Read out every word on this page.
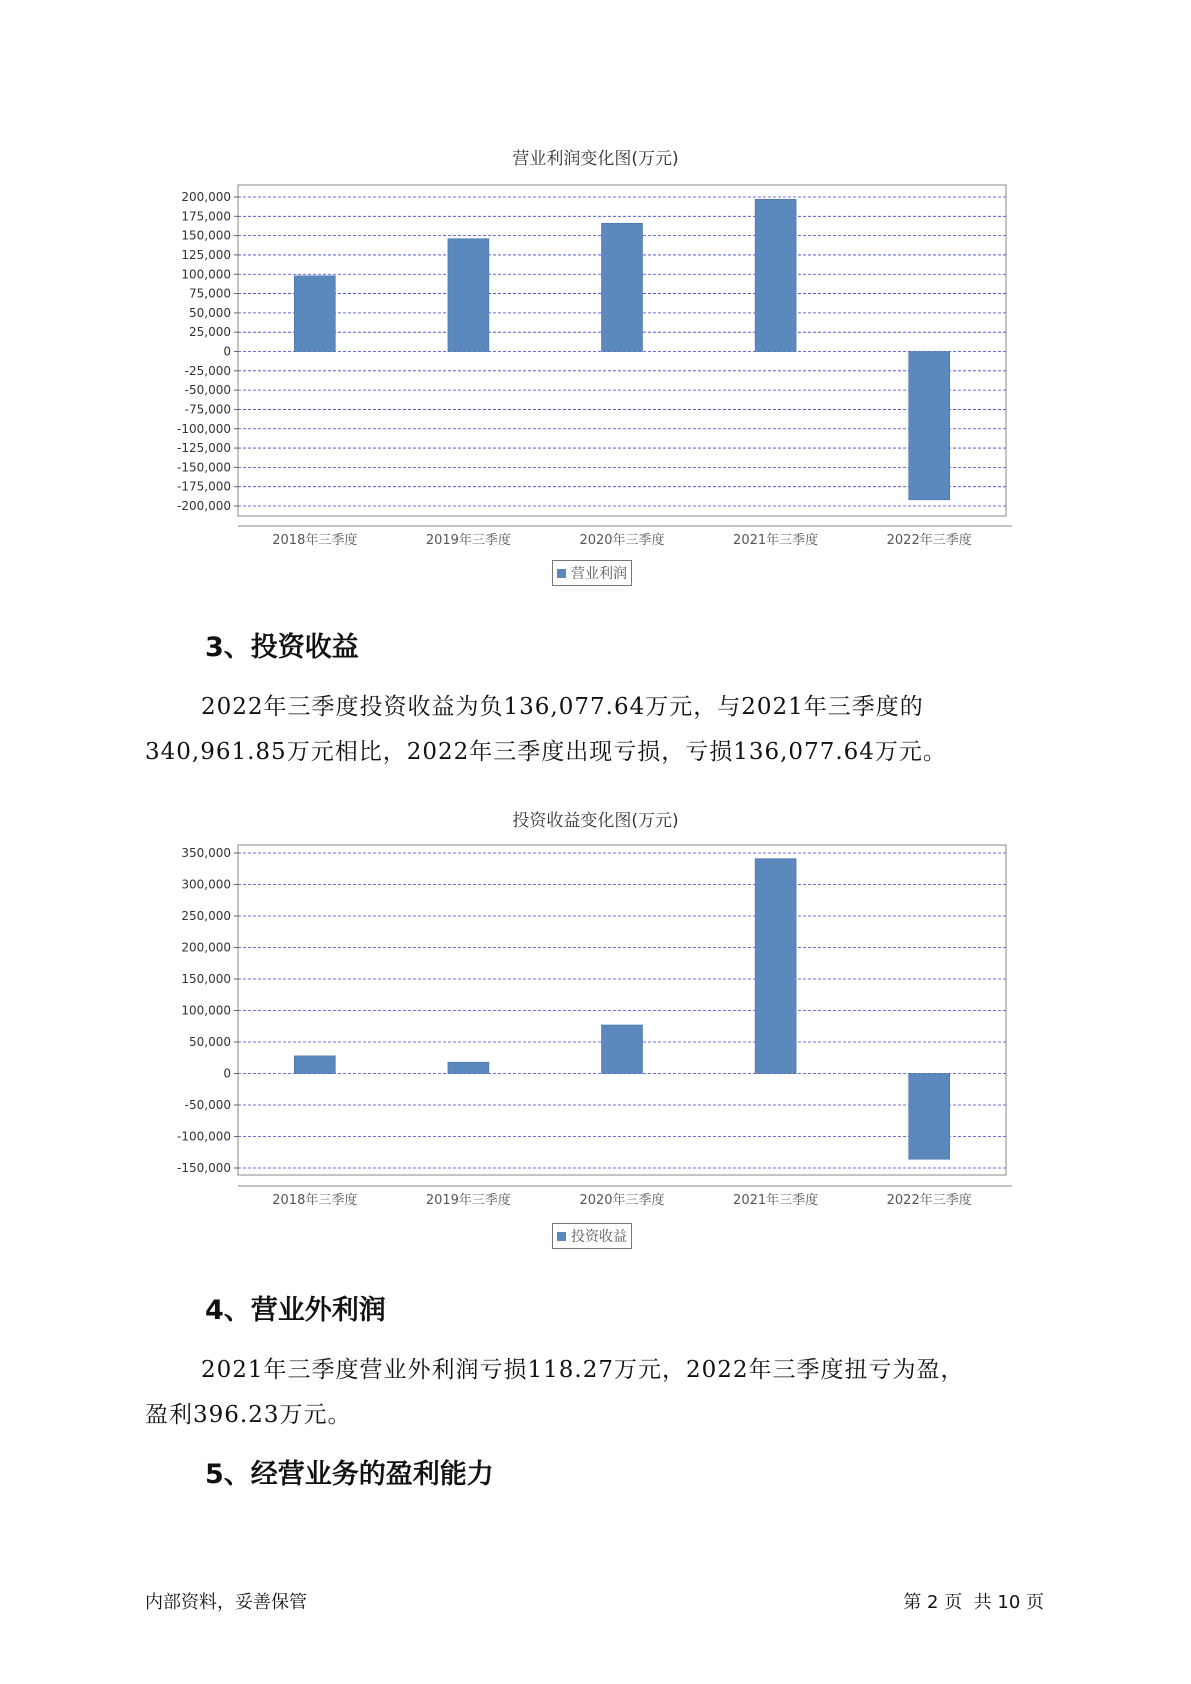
营业利润变化图(万元)
200,000
175,000
150,000
125,000
100,000
75,000
50,000
25,000
0
-25,000
-50,000
-75,000
-100,000
-125,000
-150,000
-175,000
-200,000
2018年三季度	2019年三季度	2020年三季度	2021年三季度	2022年三季度
营业利润
3、投资收益

2022年三季度投资收益为负136,077.64万元，与2021年三季度的
340,961.85万元相比，2022年三季度出现亏损，亏损136,077.64万元。

投资收益变化图(万元)
350,000
300,000
250,000
200,000
150,000
100,000
50,000
0
-50,000
-100,000
-150,000
2018年三季度	2019年三季度	2020年三季度	2021年三季度	2022年三季度
投资收益
4、营业外利润

2021年三季度营业外利润亏损118.27万元，2022年三季度扭亏为盈，
盈利396.23万元。

5、经营业务的盈利能力
内部资料，妥善保管	第 2 页  共 10 页
